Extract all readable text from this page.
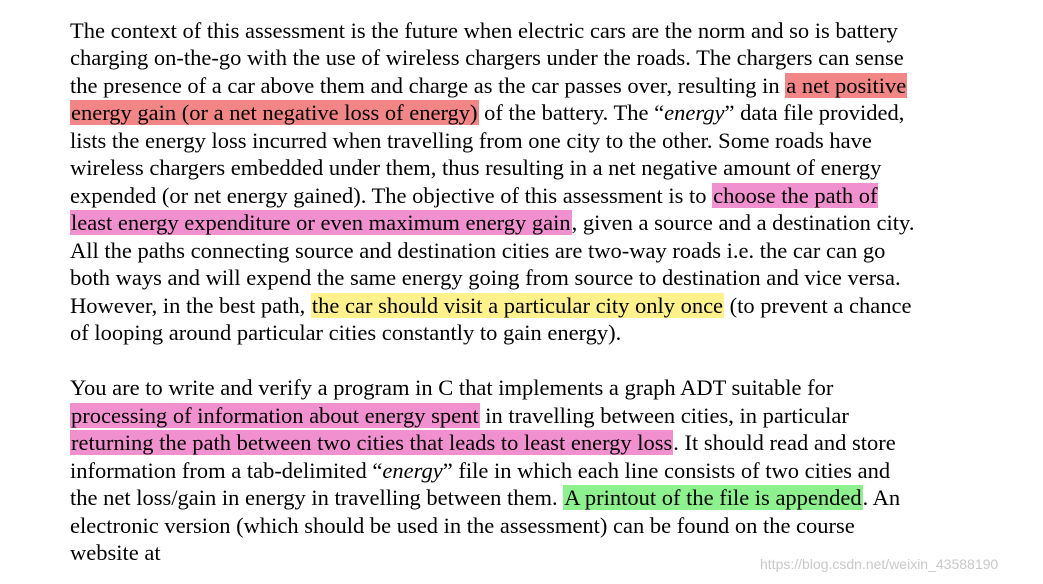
The context of this assessment is the future when electric cars are the norm and so is battery
charging on-the-go with the use of wireless chargers under the roads. The chargers can sense
the presence of a car above them and charge as the car passes over, resulting in a net positive
energy gain (or a net negative loss of energy) of the battery. The “energy” data file provided,
lists the energy loss incurred when travelling from one city to the other. Some roads have
wireless chargers embedded under them, thus resulting in a net negative amount of energy
expended (or net energy gained). The objective of this assessment is to choose the path of
least energy expenditure or even maximum energy gain, given a source and a destination city.
All the paths connecting source and destination cities are two-way roads i.e. the car can go
both ways and will expend the same energy going from source to destination and vice versa.
However, in the best path, the car should visit a particular city only once (to prevent a chance
of looping around particular cities constantly to gain energy).
You are to write and verify a program in C that implements a graph ADT suitable for
processing of information about energy spent in travelling between cities, in particular
returning the path between two cities that leads to least energy loss. It should read and store
information from a tab-delimited “energy” file in which each line consists of two cities and
the net loss/gain in energy in travelling between them. A printout of the file is appended. An
electronic version (which should be used in the assessment) can be found on the course
website at	https://blog.csdn.net/weixin_43588190
